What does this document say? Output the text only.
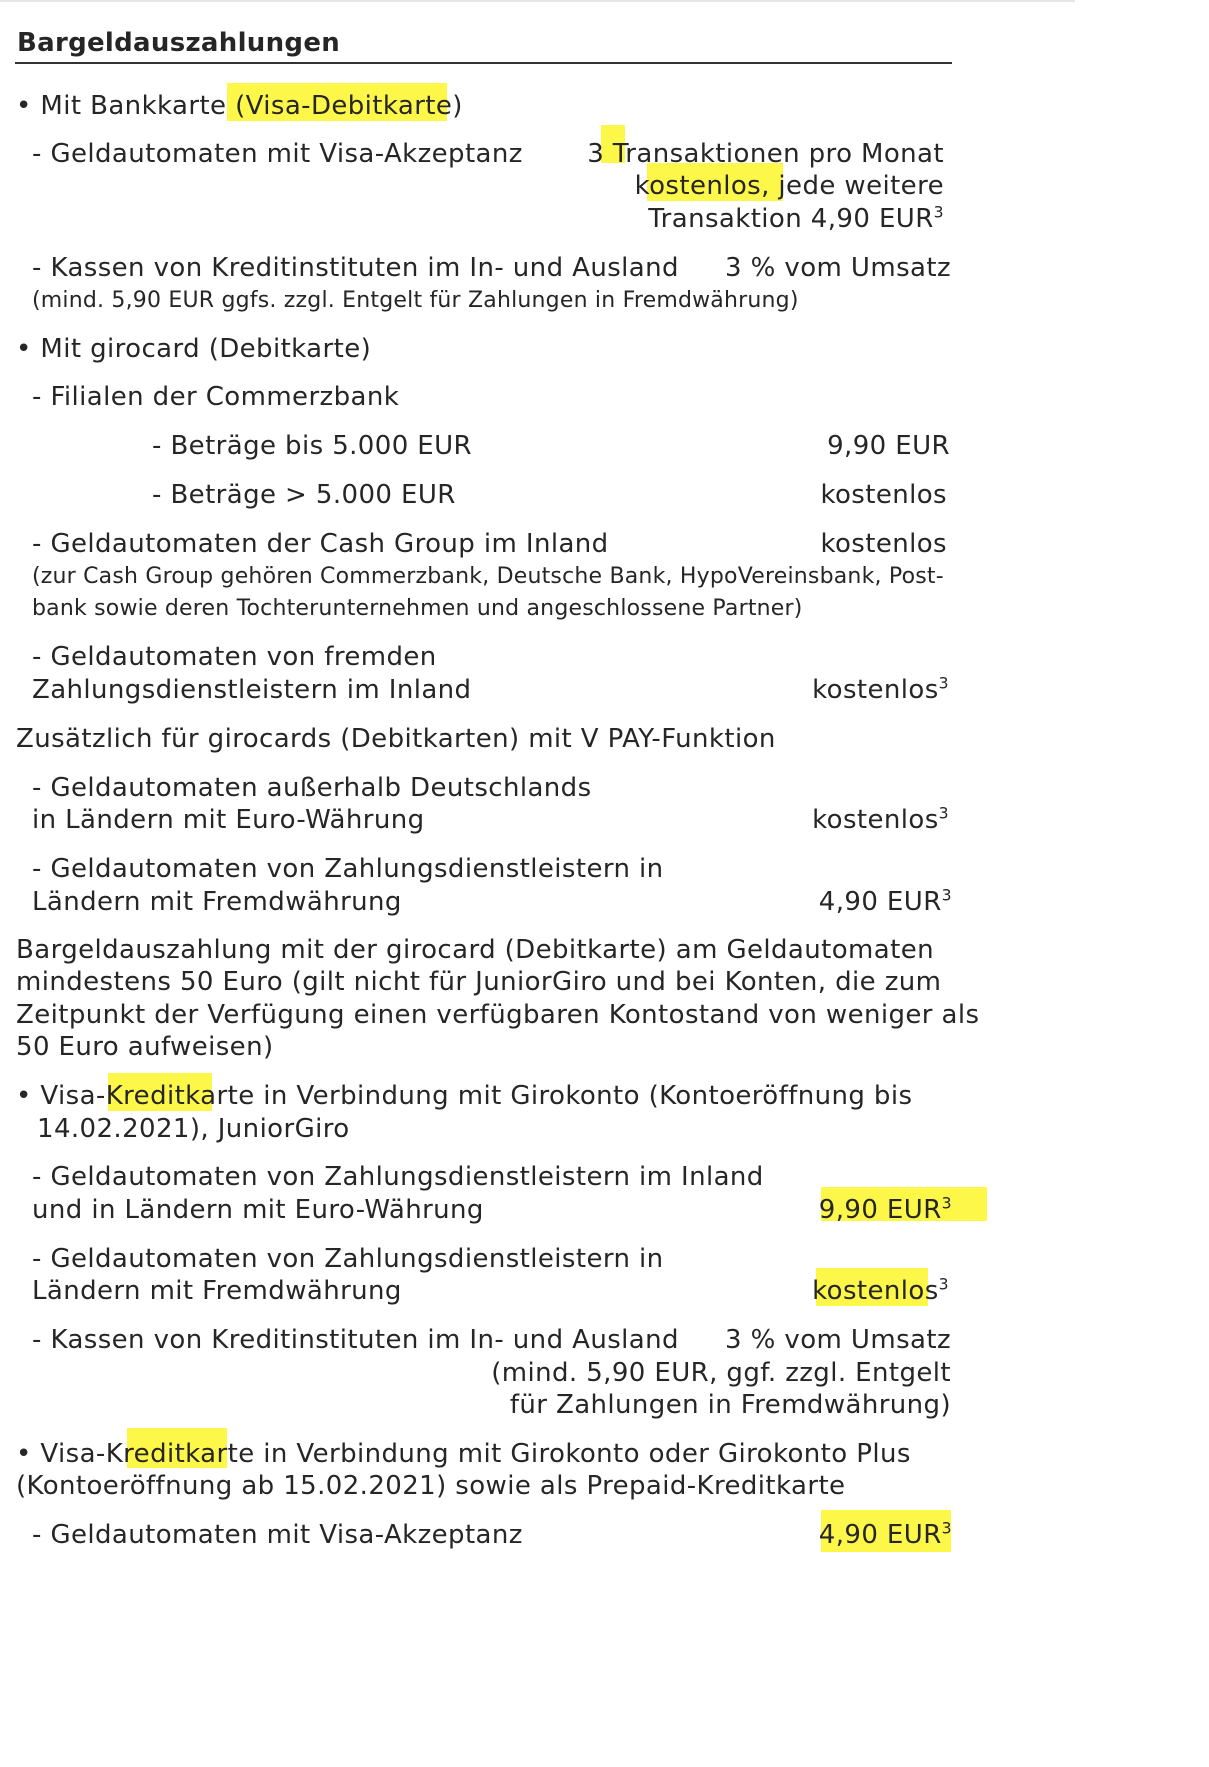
Bargeldauszahlungen
• Mit Bankkarte (Visa-Debitkarte)
- Geldautomaten mit Visa-Akzeptanz 3 Transaktionen pro Monat
kostenlos, jede weitere
Transaktion 4,90 EUR$^3$
- Kassen von Kreditinstituten im In- und Ausland 3 % vom Umsatz
(mind. 5,90 EUR ggfs. zzgl. Entgelt für Zahlungen in Fremdwährung)
• Mit girocard (Debitkarte)
- Filialen der Commerzbank
- Beträge bis 5.000 EUR	9,90 EUR
- Beträge > 5.000 EUR	kostenlos
- Geldautomaten der Cash Group im Inland	kostenlos
(zur Cash Group gehören Commerzbank, Deutsche Bank, HypoVereinsbank, Post-
bank sowie deren Tochterunternehmen und angeschlossene Partner)
- Geldautomaten von fremden
Zahlungsdienstleistern im Inland	kostenlos$^3$
Zusätzlich für girocards (Debitkarten) mit V PAY-Funktion
- Geldautomaten außerhalb Deutschlands
in Ländern mit Euro-Währung	kostenlos$^3$
- Geldautomaten von Zahlungsdienstleistern in
Ländern mit Fremdwährung	4,90 EUR$^3$
Bargeldauszahlung mit der girocard (Debitkarte) am Geldautomaten
mindestens 50 Euro (gilt nicht für JuniorGiro und bei Konten, die zum
Zeitpunkt der Verfügung einen verfügbaren Kontostand von weniger als
50 Euro aufweisen)
• Visa-Kreditkarte in Verbindung mit Girokonto (Kontoeröffnung bis
14.02.2021), JuniorGiro
- Geldautomaten von Zahlungsdienstleistern im Inland
und in Ländern mit Euro-Währung	9,90 EUR$^3$
- Geldautomaten von Zahlungsdienstleistern in
Ländern mit Fremdwährung	kostenlos$^3$
- Kassen von Kreditinstituten im In- und Ausland 3 % vom Umsatz
(mind. 5,90 EUR, ggf. zzgl. Entgelt
für Zahlungen in Fremdwährung)
• Visa-Kreditkarte in Verbindung mit Girokonto oder Girokonto Plus
(Kontoeröffnung ab 15.02.2021) sowie als Prepaid-Kreditkarte
- Geldautomaten mit Visa-Akzeptanz	4,90 EUR$^3$
